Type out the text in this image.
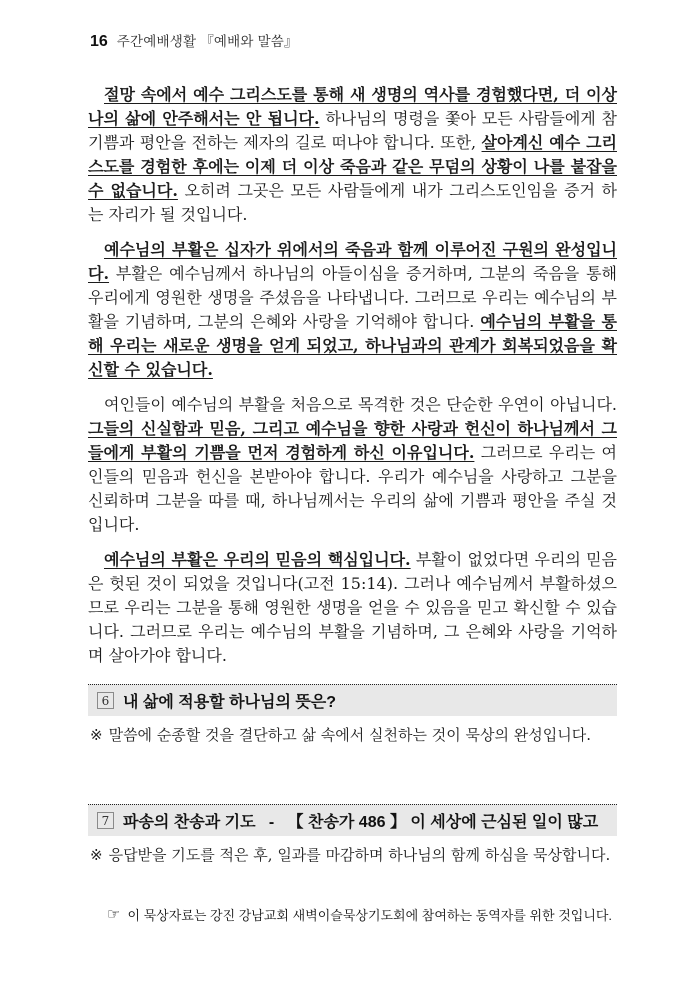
16 주간예배생활 『예배와 말씀』

절망 속에서 예수 그리스도를 통해 새 생명의 역사를 경험했다면, 더 이상 나의 삶에 안주해서는 안 됩니다. 하나님의 명령을 쫓아 모든 사람들에게 참 기쁨과 평안을 전하는 제자의 길로 떠나야 합니다. 또한, 살아계신 예수 그리스도를 경험한 후에는 이제 더 이상 죽음과 같은 무덤의 상황이 나를 붙잡을 수 없습니다. 오히려 그곳은 모든 사람들에게 내가 그리스도인임을 증거 하는 자리가 될 것입니다.

예수님의 부활은 십자가 위에서의 죽음과 함께 이루어진 구원의 완성입니다. 부활은 예수님께서 하나님의 아들이심을 증거하며, 그분의 죽음을 통해 우리에게 영원한 생명을 주셨음을 나타냅니다. 그러므로 우리는 예수님의 부활을 기념하며, 그분의 은혜와 사랑을 기억해야 합니다. 예수님의 부활을 통해 우리는 새로운 생명을 얻게 되었고, 하나님과의 관계가 회복되었음을 확신할 수 있습니다.

여인들이 예수님의 부활을 처음으로 목격한 것은 단순한 우연이 아닙니다. 그들의 신실함과 믿음, 그리고 예수님을 향한 사랑과 헌신이 하나님께서 그들에게 부활의 기쁨을 먼저 경험하게 하신 이유입니다. 그러므로 우리는 여인들의 믿음과 헌신을 본받아야 합니다. 우리가 예수님을 사랑하고 그분을 신뢰하며 그분을 따를 때, 하나님께서는 우리의 삶에 기쁨과 평안을 주실 것입니다.

예수님의 부활은 우리의 믿음의 핵심입니다. 부활이 없었다면 우리의 믿음은 헛된 것이 되었을 것입니다(고전 15:14). 그러나 예수님께서 부활하셨으므로 우리는 그분을 통해 영원한 생명을 얻을 수 있음을 믿고 확신할 수 있습니다. 그러므로 우리는 예수님의 부활을 기념하며, 그 은혜와 사랑을 기억하며 살아가야 합니다.

6 내 삶에 적용할 하나님의 뜻은?

※ 말씀에 순종할 것을 결단하고 삶 속에서 실천하는 것이 묵상의 완성입니다.

7 파송의 찬송과 기도   -   【 찬송가 486 】 이 세상에 근심된 일이 많고

※ 응답받을 기도를 적은 후, 일과를 마감하며 하나님의 함께 하심을 묵상합니다.

☞ 이 묵상자료는 강진 강남교회 새벽이슬묵상기도회에 참여하는 동역자를 위한 것입니다.
